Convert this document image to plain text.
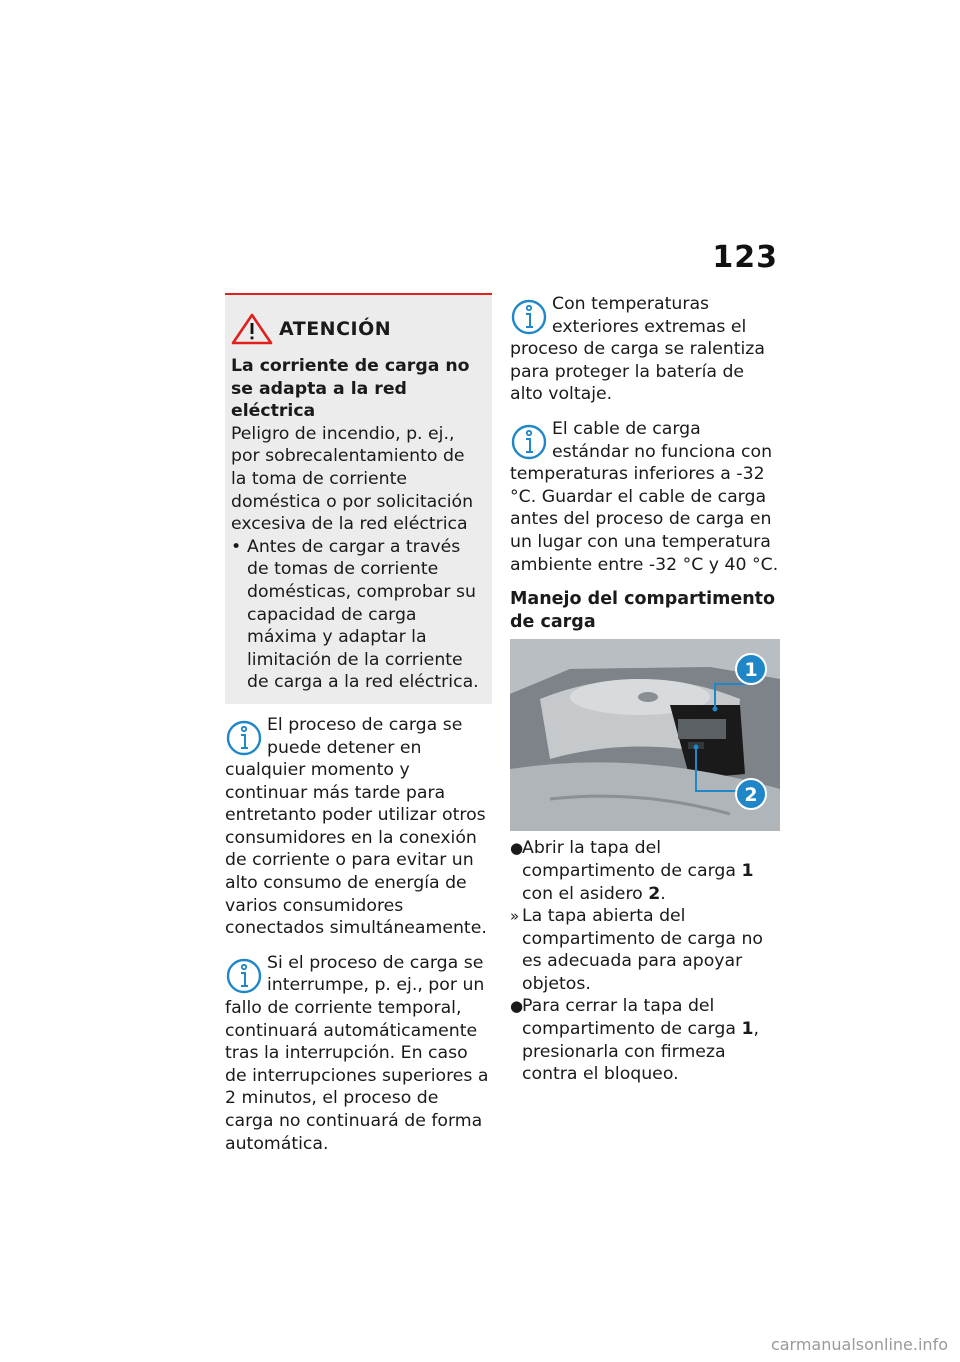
123
ATENCIÓN
La corriente de carga no se adapta a la red eléctrica

Peligro de incendio, p. ej., por sobrecalentamiento de la toma de corriente doméstica o por solicitación excesiva de la red eléctrica

• Antes de cargar a través de tomas de corriente domésticas, comprobar su capacidad de carga máxima y adaptar la limitación de la corriente de carga a la red eléctrica.

El proceso de carga se puede detener en cualquier momento y continuar más tarde para entretanto poder utilizar otros consumidores en la conexión de corriente o para evitar un alto consumo de energía de varios consumidores conectados simultáneamente.

Si el proceso de carga se interrumpe, p. ej., por un fallo de corriente temporal, continuará automáticamente tras la interrupción. En caso de interrupciones superiores a 2 minutos, el proceso de carga no continuará de forma automática.

Con temperaturas exteriores extremas el proceso de carga se ralentiza para proteger la batería de alto voltaje.

El cable de carga estándar no funciona con temperaturas inferiores a -32 °C. Guardar el cable de carga antes del proceso de carga en un lugar con una temperatura ambiente entre -32 °C y 40 °C.

Manejo del compartimento de carga
1
2
●
Abrir la tapa del compartimento de carga 1 con el asidero 2.
» La tapa abierta del compartimento de carga no es adecuada para apoyar objetos.
●
Para cerrar la tapa del compartimento de carga 1, presionarla con firmeza contra el bloqueo.
carmanualsonline.info
